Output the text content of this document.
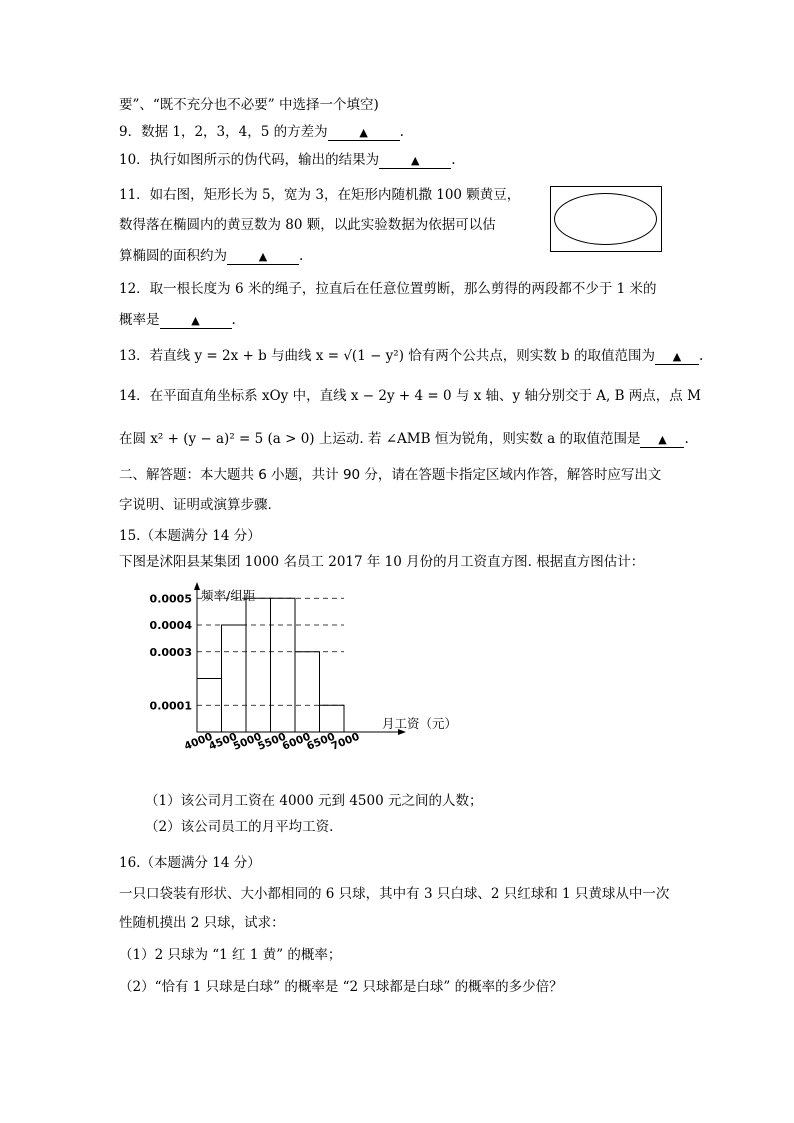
要”、“既不充分也不必要” 中选择一个填空)
9．数据 1，2，3，4，5 的方差为	▲ .
10．执行如图所示的伪代码，输出的结果为	▲ .
11．如右图，矩形长为 5，宽为 3，在矩形内随机撒 100 颗黄豆，
数得落在椭圆内的黄豆数为 80 颗，以此实验数据为依据可以估
算椭圆的面积约为	▲ .
12．取一根长度为 6 米的绳子，拉直后在任意位置剪断，那么剪得的两段都不少于 1 米的
概率是	▲ .
13．若直线 y = 2x + b 与曲线 x = √(1 − y²) 恰有两个公共点，则实数 b 的取值范围为 ▲ .
14．在平面直角坐标系 xOy 中，直线 x − 2y + 4 = 0 与 x 轴、y 轴分别交于 A, B 两点，点 M
在圆 x² + (y − a)² = 5 (a > 0) 上运动. 若 ∠AMB 恒为锐角，则实数 a 的取值范围是 ▲ .
二、解答题：本大题共 6 小题，共计 90 分，请在答题卡指定区域内作答，解答时应写出文
字说明、证明或演算步骤.
15.（本题满分 14 分）
下图是沭阳县某集团 1000 名员工 2017 年 10 月份的月工资直方图. 根据直方图估计：
0.0001
0.0003
0.0004
0.0005 频率/组距
月工资（元）
4000
4500
5000
5500
6000
6500
7000
（1）该公司月工资在 4000 元到 4500 元之间的人数；
（2）该公司员工的月平均工资.
16.（本题满分 14 分）
一只口袋装有形状、大小都相同的 6 只球，其中有 3 只白球、2 只红球和 1 只黄球从中一次
性随机摸出 2 只球，试求：
（1）2 只球为 “1 红 1 黄” 的概率；
（2）“恰有 1 只球是白球” 的概率是 “2 只球都是白球” 的概率的多少倍？
